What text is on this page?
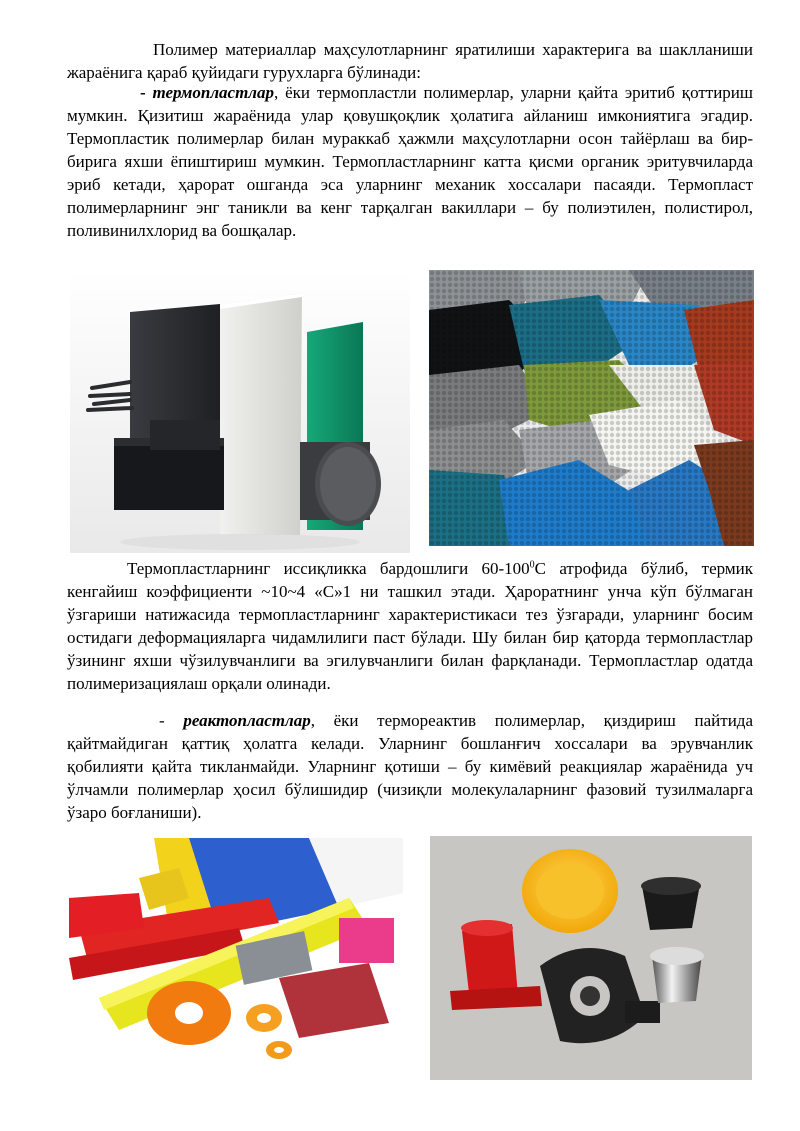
Полимер материаллар маҳсулотларнинг яратилиши характерига ва шаклланиши жараёнига қараб қуйидаги гурухларга бўлинади:

- термопластлар, ёки термопластли полимерлар, уларни қайта эритиб қоттириш мумкин. Қизитиш жараёнида улар қовушқоқлик ҳолатига айланиш имкониятига эгадир. Термопластик полимерлар билан мураккаб ҳажмли маҳсулотларни осон тайёрлаш ва бир-бирига яхши ёпиштириш мумкин. Термопластларнинг катта қисми органик эритувчиларда эриб кетади, ҳарорат ошганда эса уларнинг механик хоссалари пасаяди. Термопласт полимерларнинг энг таникли ва кенг тарқалган вакиллари – бу полиэтилен, полистирол, поливинилхлорид ва бошқалар.

Термопластларнинг иссиқликка бардошлиги $60-100^0С$ атрофида бўлиб, термик кенгайиш коэффициенти ~10~4 «С»1 ни ташкил этади. Ҳароратнинг унча кўп бўлмаган ўзгариши натижасида термопластларнинг характеристикаси тез ўзгаради, уларнинг босим остидаги деформацияларга чидамлилиги паст бўлади. Шу билан бир қаторда термопластлар ўзининг яхши чўзилувчанлиги ва эгилувчанлиги билан фарқланади. Термопластлар одатда полимеризациялаш орқали олинади.

- реактопластлар, ёки термореактив полимерлар, қиздириш пайтида қайтмайдиган қаттиқ ҳолатга келади. Уларнинг бошланғич хоссалари ва эрувчанлик қобилияти қайта тикланмайди. Уларнинг қотиши – бу кимёвий реакциялар жараёнида уч ўлчамли полимерлар ҳосил бўлишидир (чизиқли молекулаларнинг фазовий тузилмаларга ўзаро боғланиши).
